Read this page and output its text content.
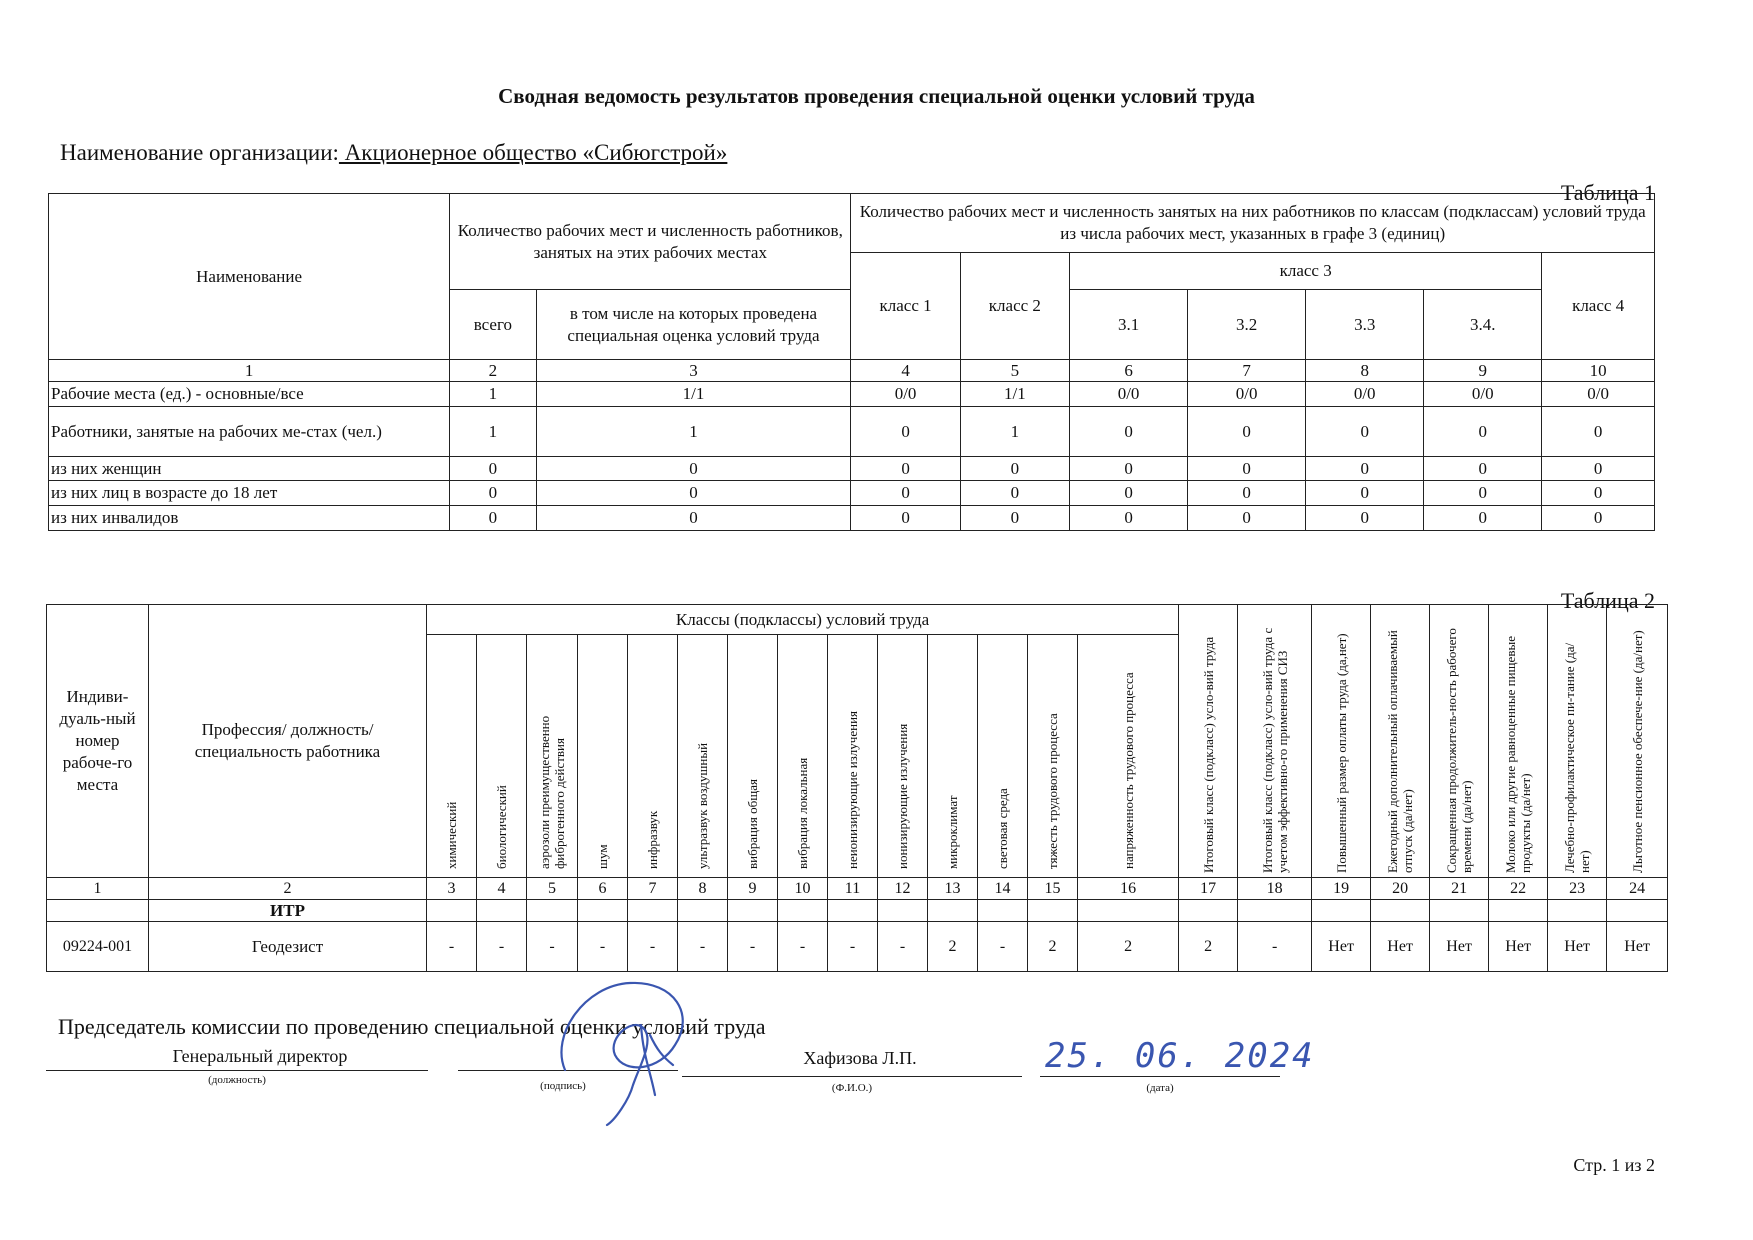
Сводная ведомость результатов проведения специальной оценки условий труда
Наименование организации: Акционерное общество «Сибюгстрой»
Таблица 1
Наименование	Количество рабочих мест и численность работников, занятых на этих рабочих местах		Количество рабочих мест и численность занятых на них работников по классам (подклассам) условий труда из числа рабочих мест, указанных в графе 3 (единиц)						
			класс 1	класс 2	класс 3				класс 4
	всего	в том числе на которых проведена специальная оценка условий труда			3.1	3.2	3.3	3.4.	
1	2	3	4	5	6	7	8	9	10
Рабочие места (ед.) - основные/все	1	1/1	0/0	1/1	0/0	0/0	0/0	0/0	0/0
Работники, занятые на рабочих ме-стах (чел.)	1	1	0	1	0	0	0	0	0
из них женщин	0	0	0	0	0	0	0	0	0
из них лиц в возрасте до 18 лет	0	0	0	0	0	0	0	0	0
из них инвалидов	0	0	0	0	0	0	0	0	0
Таблица 2
Индиви-дуаль-ный номер рабоче-го места	Профессия/ должность/ специальность работника	Классы (подклассы) условий труда														Итоговый класс (подкласс) усло-вий труда	Итоговый класс (подкласс) усло-вий труда с учетом эффективно-го применения СИЗ	Повышенный размер оплаты труда (да,нет)	Ежегодный дополнительный оплачиваемый отпуск (да/нет)	Сокращенная продолжитель-ность рабочего времени (да/нет)	Молоко или другие равноценные пищевые продукты (да/нет)	Лечебно-профилактическое пи-тание (да/нет)	Льготное пенсионное обеспече-ние (да/нет)

		химический	биологический	аэрозоли преимущественно фиброгенного действия	шум	инфразвук	ультразвук воздушный	вибрация общая	вибрация локальная	неионизирующие излучения	ионизирующие излучения	микроклимат	световая среда	тяжесть трудового процесса	напряженность трудового процесса								

1	2	3	4	5	6	7	8	9	10	11	12	13	14	15	16	17	18	19	20	21	22	23	24
	ИТР																						
09224-001	Геодезист	-	-	-	-	-	-	-	-	-	-	2	-	2	2	2	-	Нет	Нет	Нет	Нет	Нет	Нет
Председатель комиссии по проведению специальной оценки условий труда
Генеральный директор
(должность)	(подпись)
Хафизова Л.П.
(Ф.И.О.)
25. 06. 2024
(дата)
Стр. 1 из 2
